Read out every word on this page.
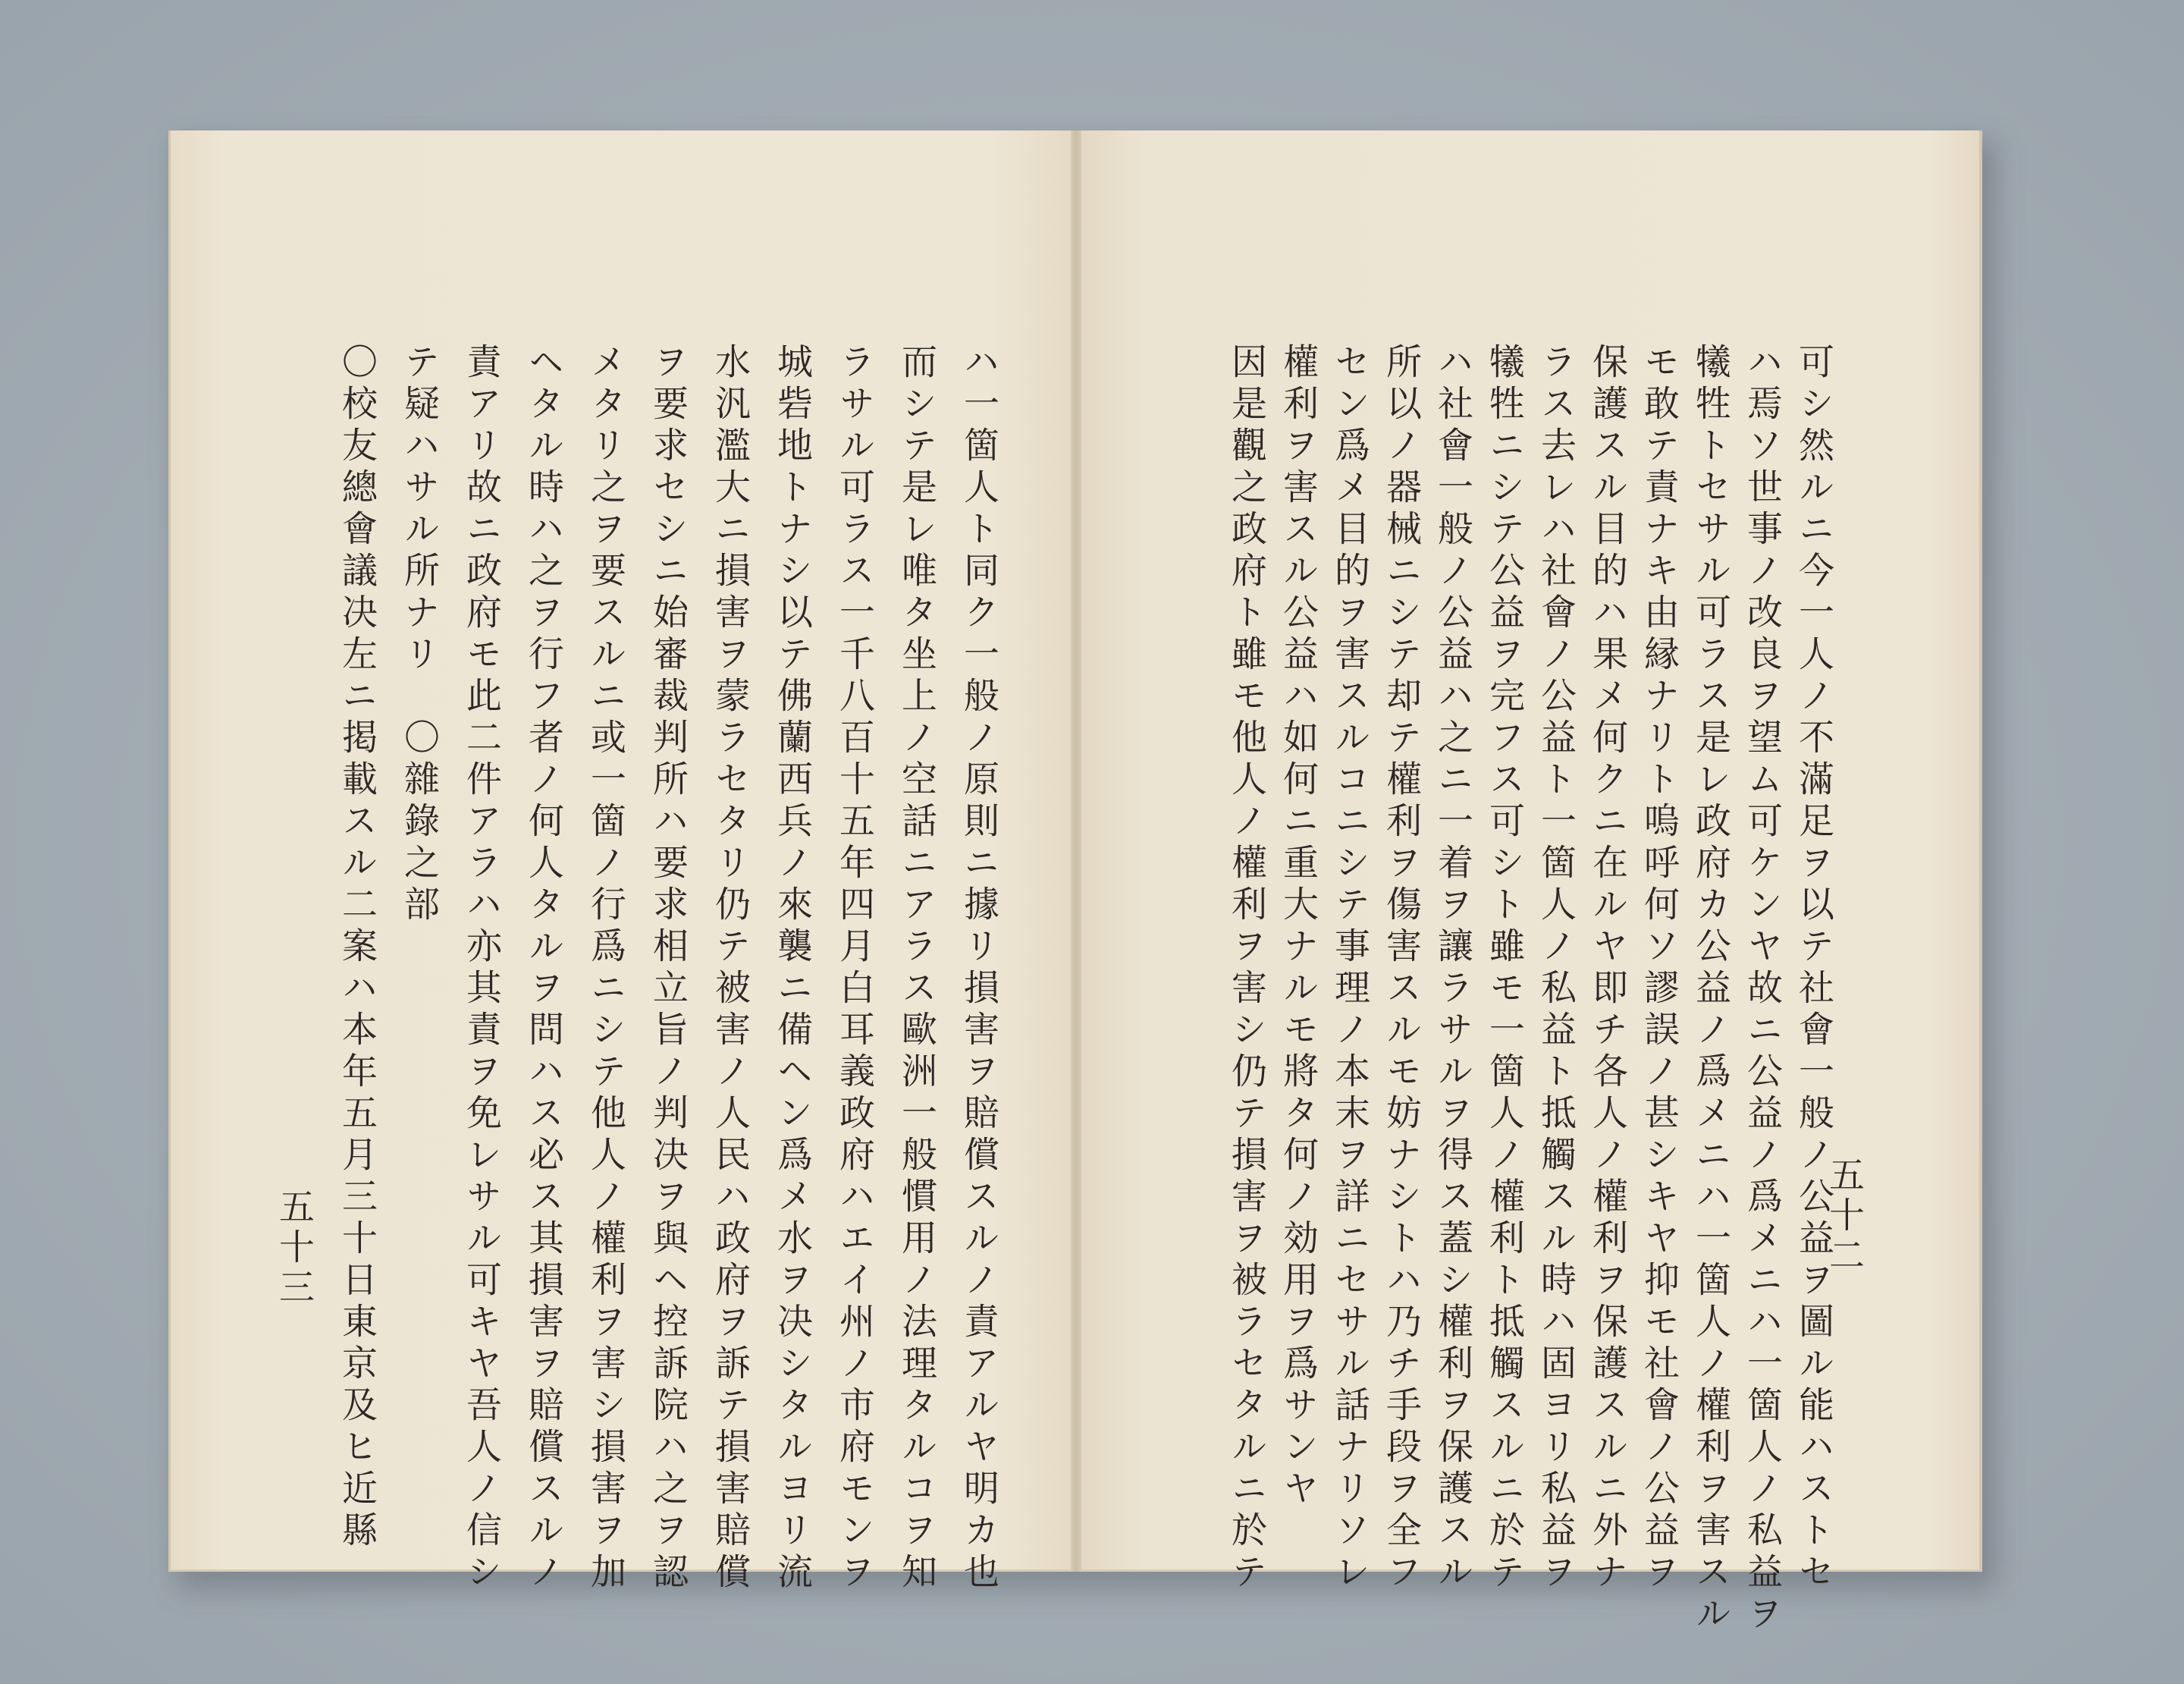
ハ一箇人ト同ク一般ノ原則ニ據リ損害ヲ賠償スルノ責アルヤ明カ也
而シテ是レ唯タ坐上ノ空話ニアラス歐洲一般慣用ノ法理タルコヲ知
ラサル可ラス一千八百十五年四月白耳義政府ハエイ州ノ市府モンヲ
城砦地トナシ以テ佛蘭西兵ノ來襲ニ備ヘン爲メ水ヲ决シタルヨリ流
水汎濫大ニ損害ヲ蒙ラセタリ仍テ被害ノ人民ハ政府ヲ訴テ損害賠償
ヲ要求セシニ始審裁判所ハ要求相立旨ノ判决ヲ與ヘ控訴院ハ之ヲ認
メタリ之ヲ要スルニ或一箇ノ行爲ニシテ他人ノ權利ヲ害シ損害ヲ加
ヘタル時ハ之ヲ行フ者ノ何人タルヲ問ハス必ス其損害ヲ賠償スルノ
責アリ故ニ政府モ此二件アラハ亦其責ヲ免レサル可キヤ吾人ノ信シ
テ疑ハサル所ナリ　〇雜錄之部
〇校友總會議决左ニ掲載スル二案ハ本年五月三十日東京及ヒ近縣
五十三	可シ然ルニ今一人ノ不滿足ヲ以テ社會一般ノ公益ヲ圖ル能ハストセ
ハ焉ソ世事ノ改良ヲ望ム可ケンヤ故ニ公益ノ爲メニハ一箇人ノ私益ヲ
犧牲トセサル可ラス是レ政府カ公益ノ爲メニハ一箇人ノ權利ヲ害スル
モ敢テ責ナキ由縁ナリト嗚呼何ソ謬誤ノ甚シキヤ抑モ社會ノ公益ヲ
保護スル目的ハ果メ何クニ在ルヤ即チ各人ノ權利ヲ保護スルニ外ナ
ラス去レハ社會ノ公益ト一箇人ノ私益ト抵觸スル時ハ固ヨリ私益ヲ
犧牲ニシテ公益ヲ完フス可シト雖モ一箇人ノ權利ト抵觸スルニ於テ
ハ社會一般ノ公益ハ之ニ一着ヲ讓ラサルヲ得ス蓋シ權利ヲ保護スル
所以ノ器械ニシテ却テ權利ヲ傷害スルモ妨ナシトハ乃チ手段ヲ全フ
セン爲メ目的ヲ害スルコニシテ事理ノ本末ヲ詳ニセサル話ナリソレ
權利ヲ害スル公益ハ如何ニ重大ナルモ將タ何ノ効用ヲ爲サンヤ
因是觀之政府ト雖モ他人ノ權利ヲ害シ仍テ損害ヲ被ラセタルニ於テ	五十二
